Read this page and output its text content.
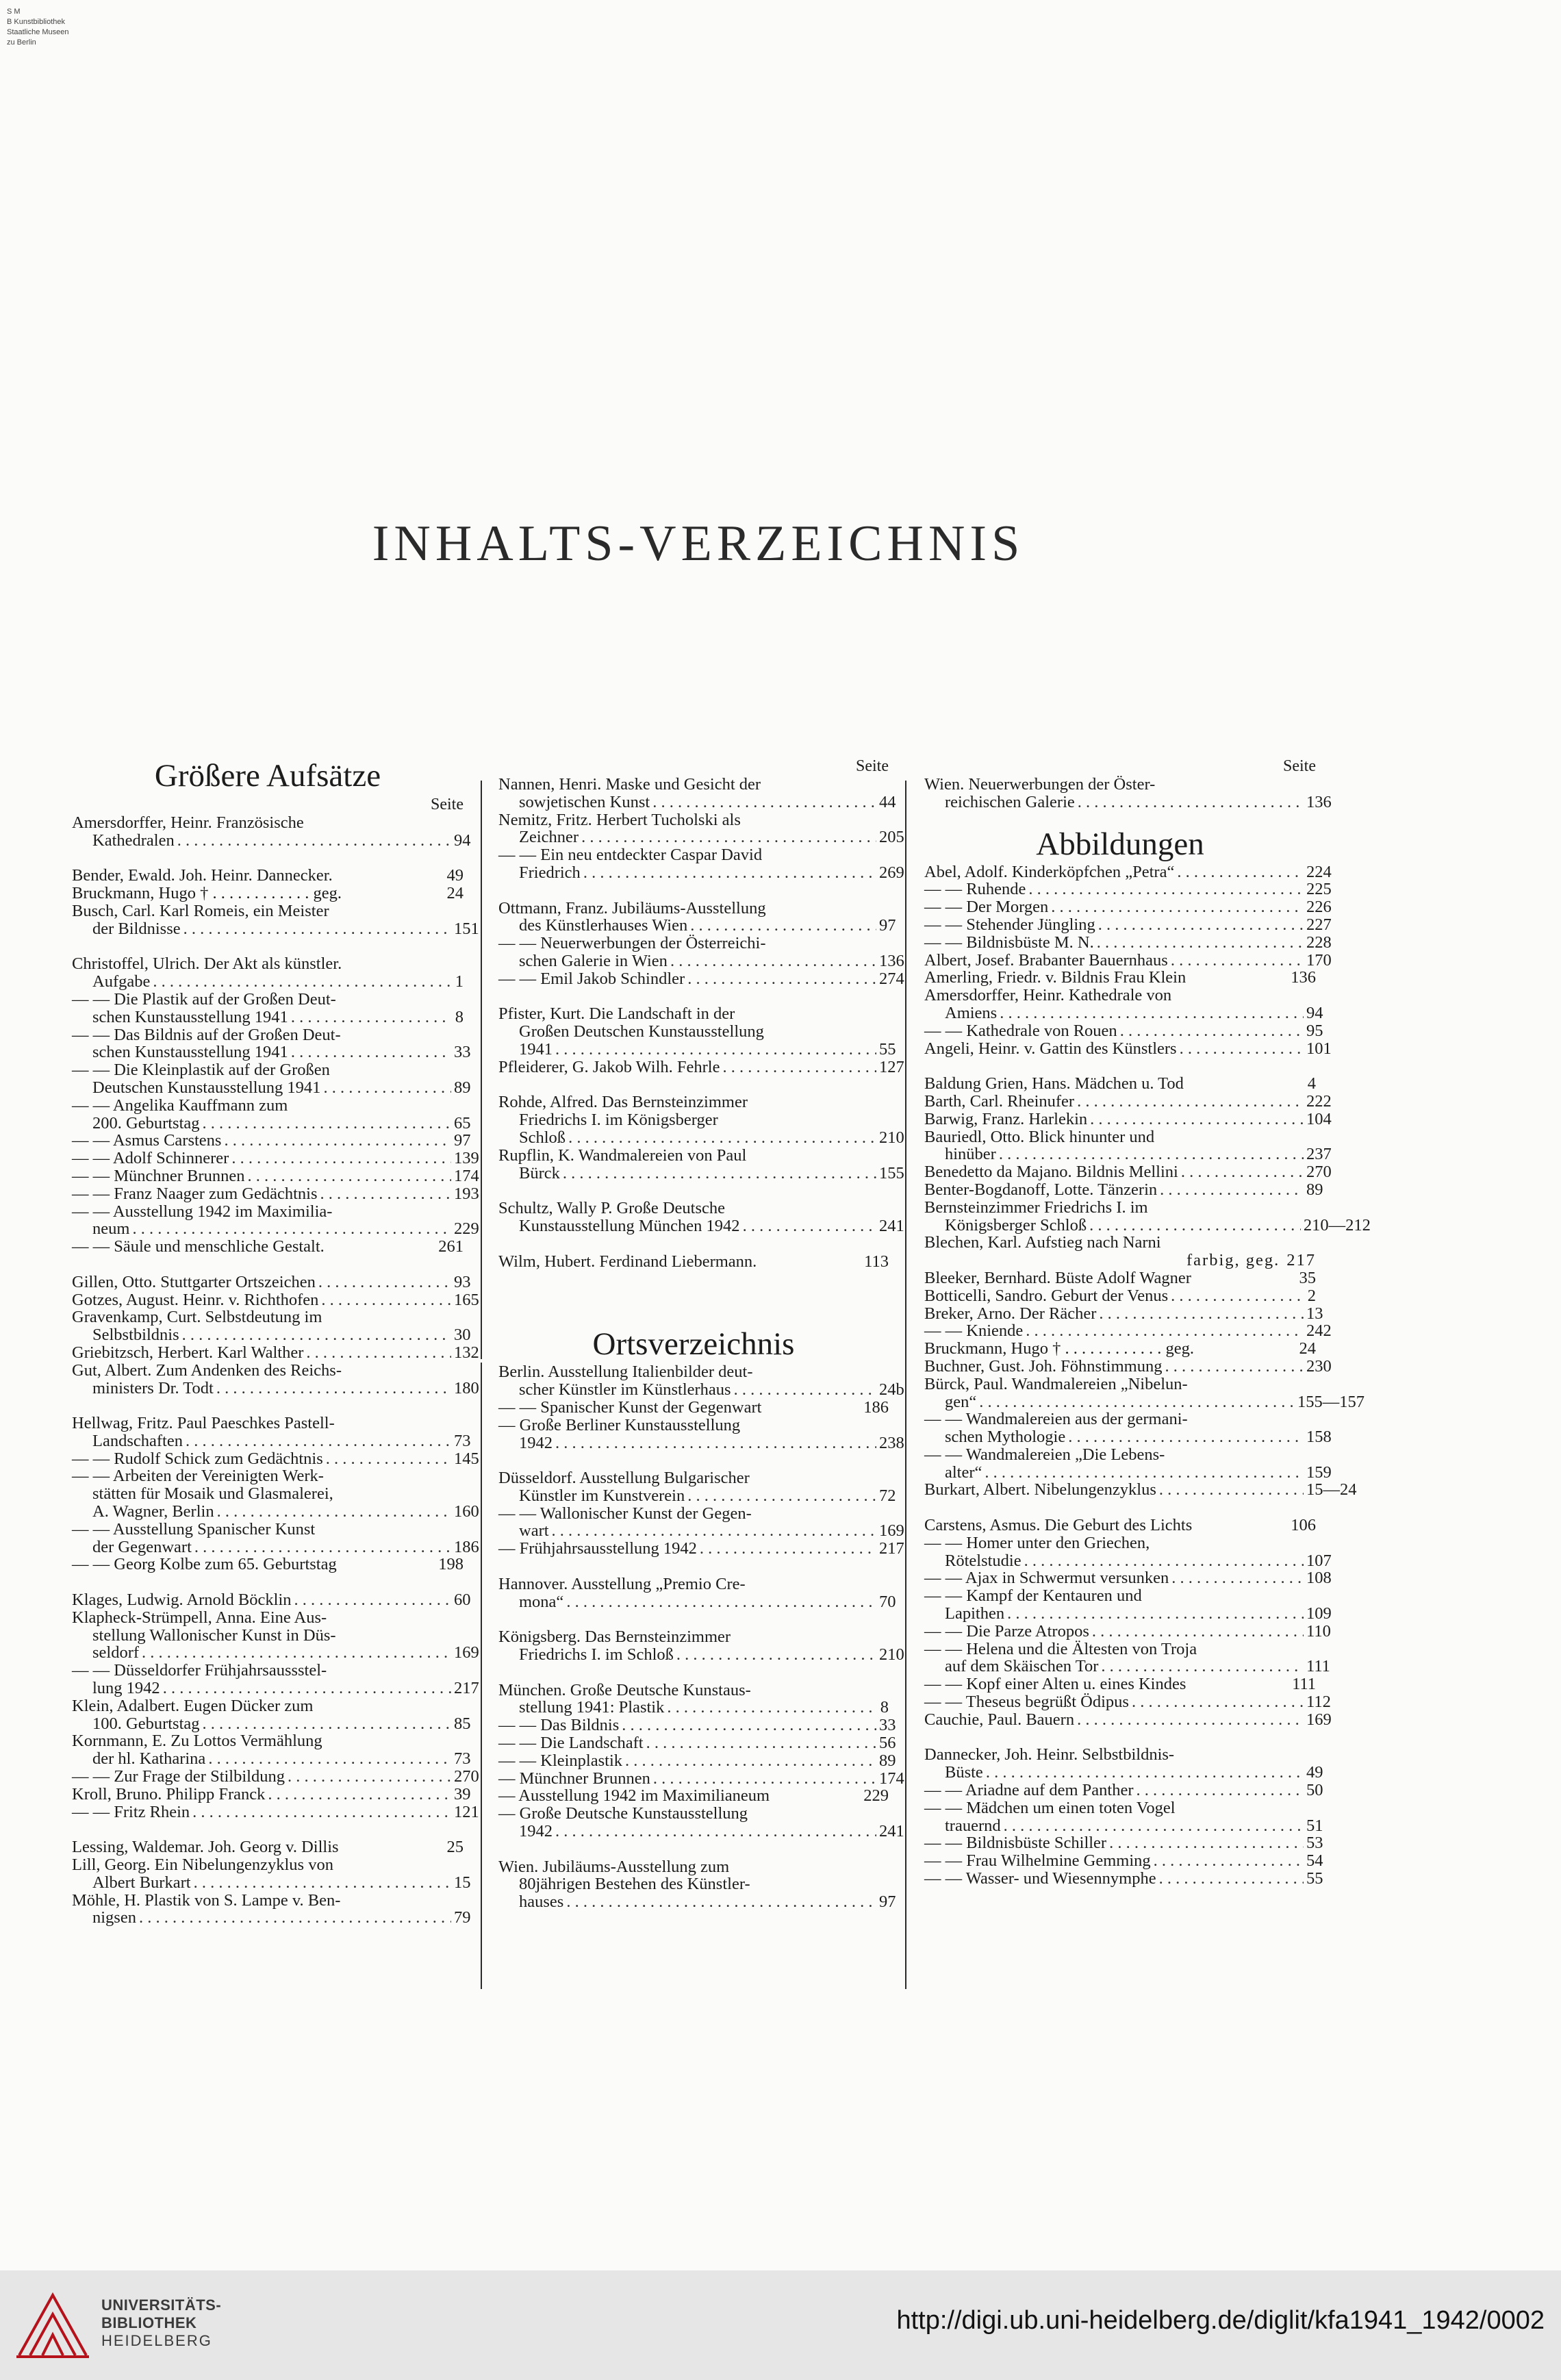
S M
B Kunstbibliothek
Staatliche Museen
zu Berlin
INHALTS-VERZEICHNIS
Größere Aufsätze
Seite
Amersdorffer, Heinr. Französische
Kathedralen . . .	94
Bender, Ewald. Joh. Heinr. Dannecker.	49
Bruckmann, Hugo † . . . . . . . . . . . . geg.	24
Busch, Carl. Karl Romeis, ein Meister
der Bildnisse . . .	151
Christoffel, Ulrich. Der Akt als künstler.
Aufgabe . . .	1
— — Die Plastik auf der Großen Deut-
schen Kunstausstellung 1941 . . .	8
— — Das Bildnis auf der Großen Deut-
schen Kunstausstellung 1941 . . .	33
— — Die Kleinplastik auf der Großen
Deutschen Kunstausstellung 1941 . . .	89
— — Angelika Kauffmann zum
200. Geburtstag . . .	65
— — Asmus Carstens . . .	97
— — Adolf Schinnerer . . .	139
— — Münchner Brunnen . . .	174
— — Franz Naager zum Gedächtnis . . .	193
— — Ausstellung 1942 im Maximilia-
neum . . .	229
— — Säule und menschliche Gestalt.	261
Gillen, Otto. Stuttgarter Ortszeichen . . .	93
Gotzes, August. Heinr. v. Richthofen . . .	165
Gravenkamp, Curt. Selbstdeutung im
Selbstbildnis . . .	30
Griebitzsch, Herbert. Karl Walther . . .	132
Gut, Albert. Zum Andenken des Reichs-
ministers Dr. Todt . . .	180
Hellwag, Fritz. Paul Paeschkes Pastell-
Landschaften . . .	73
— — Rudolf Schick zum Gedächtnis . . .	145
— — Arbeiten der Vereinigten Werk-
stätten für Mosaik und Glasmalerei,
A. Wagner, Berlin . . .	160
— — Ausstellung Spanischer Kunst
der Gegenwart . . .	186
— — Georg Kolbe zum 65. Geburtstag	198
Klages, Ludwig. Arnold Böcklin . . .	60
Klapheck-Strümpell, Anna. Eine Aus-
stellung Wallonischer Kunst in Düs-
seldorf . . .	169
— — Düsseldorfer Frühjahrsaussstel-
lung 1942 . . .	217
Klein, Adalbert. Eugen Dücker zum
100. Geburtstag . . .	85
Kornmann, E. Zu Lottos Vermählung
der hl. Katharina . . .	73
— — Zur Frage der Stilbildung . . .	270
Kroll, Bruno. Philipp Franck . . .	39
— — Fritz Rhein . . .	121
Lessing, Waldemar. Joh. Georg v. Dillis	25
Lill, Georg. Ein Nibelungenzyklus von
Albert Burkart . . .	15
Möhle, H. Plastik von S. Lampe v. Ben-
nigsen . . .	79
Seite
Nannen, Henri. Maske und Gesicht der
sowjetischen Kunst . . .	44
Nemitz, Fritz. Herbert Tucholski als
Zeichner . . .	205
— — Ein neu entdeckter Caspar David
Friedrich . . .	269
Ottmann, Franz. Jubiläums-Ausstellung
des Künstlerhauses Wien . . .	97
— — Neuerwerbungen der Österreichi-
schen Galerie in Wien . . .	136
— — Emil Jakob Schindler . . .	274
Pfister, Kurt. Die Landschaft in der
Großen Deutschen Kunstausstellung
1941 . . .	55
Pfleiderer, G. Jakob Wilh. Fehrle . . .	127
Rohde, Alfred. Das Bernsteinzimmer
Friedrichs I. im Königsberger
Schloß . . .	210
Rupflin, K. Wandmalereien von Paul
Bürck . . .	155
Schultz, Wally P. Große Deutsche
Kunstausstellung München 1942 . . .	241
Wilm, Hubert. Ferdinand Liebermann.	113
Ortsverzeichnis
Berlin. Ausstellung Italienbilder deut-
scher Künstler im Künstlerhaus . . .	24b
— — Spanischer Kunst der Gegenwart	186
— Große Berliner Kunstausstellung
1942 . . .	238
Düsseldorf. Ausstellung Bulgarischer
Künstler im Kunstverein . . .	72
— — Wallonischer Kunst der Gegen-
wart . . .	169
— Frühjahrsausstellung 1942 . . .	217
Hannover. Ausstellung „Premio Cre-
mona“ . . .	70
Königsberg. Das Bernsteinzimmer
Friedrichs I. im Schloß . . .	210
München. Große Deutsche Kunstaus-
stellung 1941: Plastik . . .	8
— — Das Bildnis . . .	33
— — Die Landschaft . . .	56
— — Kleinplastik . . .	89
— Münchner Brunnen . . .	174
— Ausstellung 1942 im Maximilianeum	229
— Große Deutsche Kunstausstellung
1942 . . .	241
Wien. Jubiläums-Ausstellung zum
80jährigen Bestehen des Künstler-
hauses . . .	97
Seite
Wien. Neuerwerbungen der Öster-
reichischen Galerie . . .	136
Abbildungen
Abel, Adolf. Kinderköpfchen „Petra“ . . .	224
— — Ruhende . . .	225
— — Der Morgen . . .	226
— — Stehender Jüngling . . .	227
— — Bildnisbüste M. N. . . .	228
Albert, Josef. Brabanter Bauernhaus . . .	170
Amerling, Friedr. v. Bildnis Frau Klein	136
Amersdorffer, Heinr. Kathedrale von
Amiens . . .	94
— — Kathedrale von Rouen . . .	95
Angeli, Heinr. v. Gattin des Künstlers . . .	101
Baldung Grien, Hans. Mädchen u. Tod	4
Barth, Carl. Rheinufer . . .	222
Barwig, Franz. Harlekin . . .	104
Bauriedl, Otto. Blick hinunter und
hinüber . . .	237
Benedetto da Majano. Bildnis Mellini . . .	270
Benter-Bogdanoff, Lotte. Tänzerin . . .	89
Bernsteinzimmer Friedrichs I. im
Königsberger Schloß . . .	210—212
Blechen, Karl. Aufstieg nach Narni
farbig, geg. 217
Bleeker, Bernhard. Büste Adolf Wagner	35
Botticelli, Sandro. Geburt der Venus . . .	2
Breker, Arno. Der Rächer . . .	13
— — Kniende . . .	242
Bruckmann, Hugo † . . . . . . . . . . . . geg.	24
Buchner, Gust. Joh. Föhnstimmung . . .	230
Bürck, Paul. Wandmalereien „Nibelun-
gen“ . . .	155—157
— — Wandmalereien aus der germani-
schen Mythologie . . .	158
— — Wandmalereien „Die Lebens-
alter“ . . .	159
Burkart, Albert. Nibelungenzyklus . . .	15—24
Carstens, Asmus. Die Geburt des Lichts	106
— — Homer unter den Griechen,
Rötelstudie . . .	107
— — Ajax in Schwermut versunken . . .	108
— — Kampf der Kentauren und
Lapithen . . .	109
— — Die Parze Atropos . . .	110
— — Helena und die Ältesten von Troja
auf dem Skäischen Tor . . .	111
— — Kopf einer Alten u. eines Kindes	111
— — Theseus begrüßt Ödipus . . .	112
Cauchie, Paul. Bauern . . .	169
Dannecker, Joh. Heinr. Selbstbildnis-
Büste . . .	49
— — Ariadne auf dem Panther . . .	50
— — Mädchen um einen toten Vogel
trauernd . . .	51
— — Bildnisbüste Schiller . . .	53
— — Frau Wilhelmine Gemming . . .	54
— — Wasser- und Wiesennymphe . . .	55
UNIVERSITÄTS-
BIBLIOTHEK
HEIDELBERG
http://digi.ub.uni-heidelberg.de/diglit/kfa1941_1942/0002
